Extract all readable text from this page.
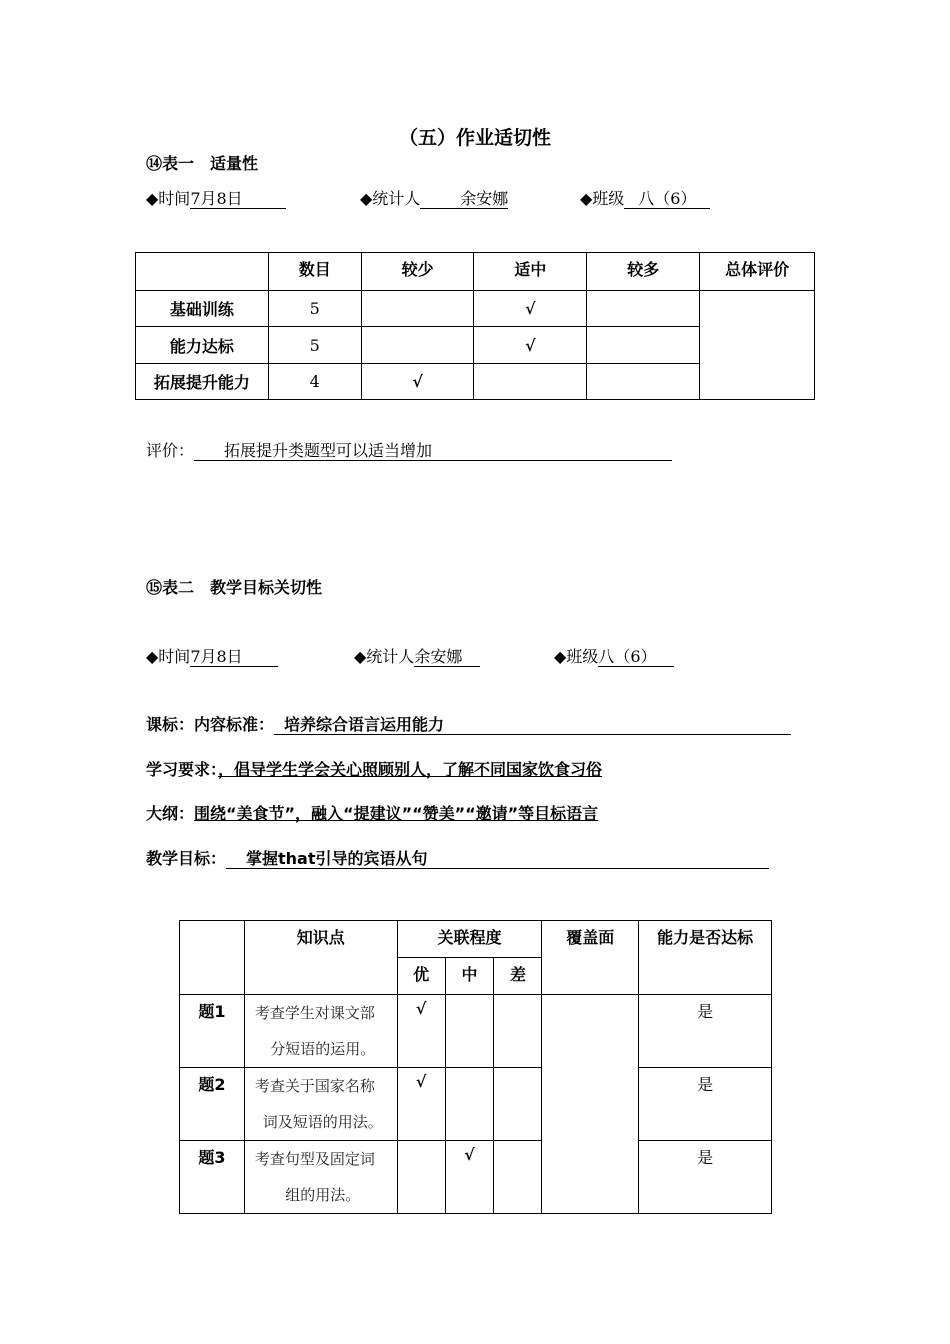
（五）作业适切性
⑭表一　适量性
◆时间7月8日	◆统计人 余安娜	◆班级 八（6）
	数目	较少	适中	较多	总体评价
基础训练	5		√		
能力达标	5		√		
拓展提升能力	4	√			
评价： 拓展提升类题型可以适当增加
⑮表二　教学目标关切性
◆时间7月8日	◆统计人余安娜	◆班级八（6）
课标：内容标准： 培养综合语言运用能力
学习要求：，倡导学生学会关心照顾别人，了解不同国家饮食习俗
大纲：围绕“美食节”，融入“提建议”“赞美”“邀请”等目标语言
教学目标： 掌握that引导的宾语从句
	知识点	关联程度			覆盖面	能力是否达标
		优	中	差		
题1	考查学生对课文部
分短语的运用。	√				是
题2	考查关于国家名称
词及短语的用法。	√				是
题3	考查句型及固定词
组的用法。		√			是
